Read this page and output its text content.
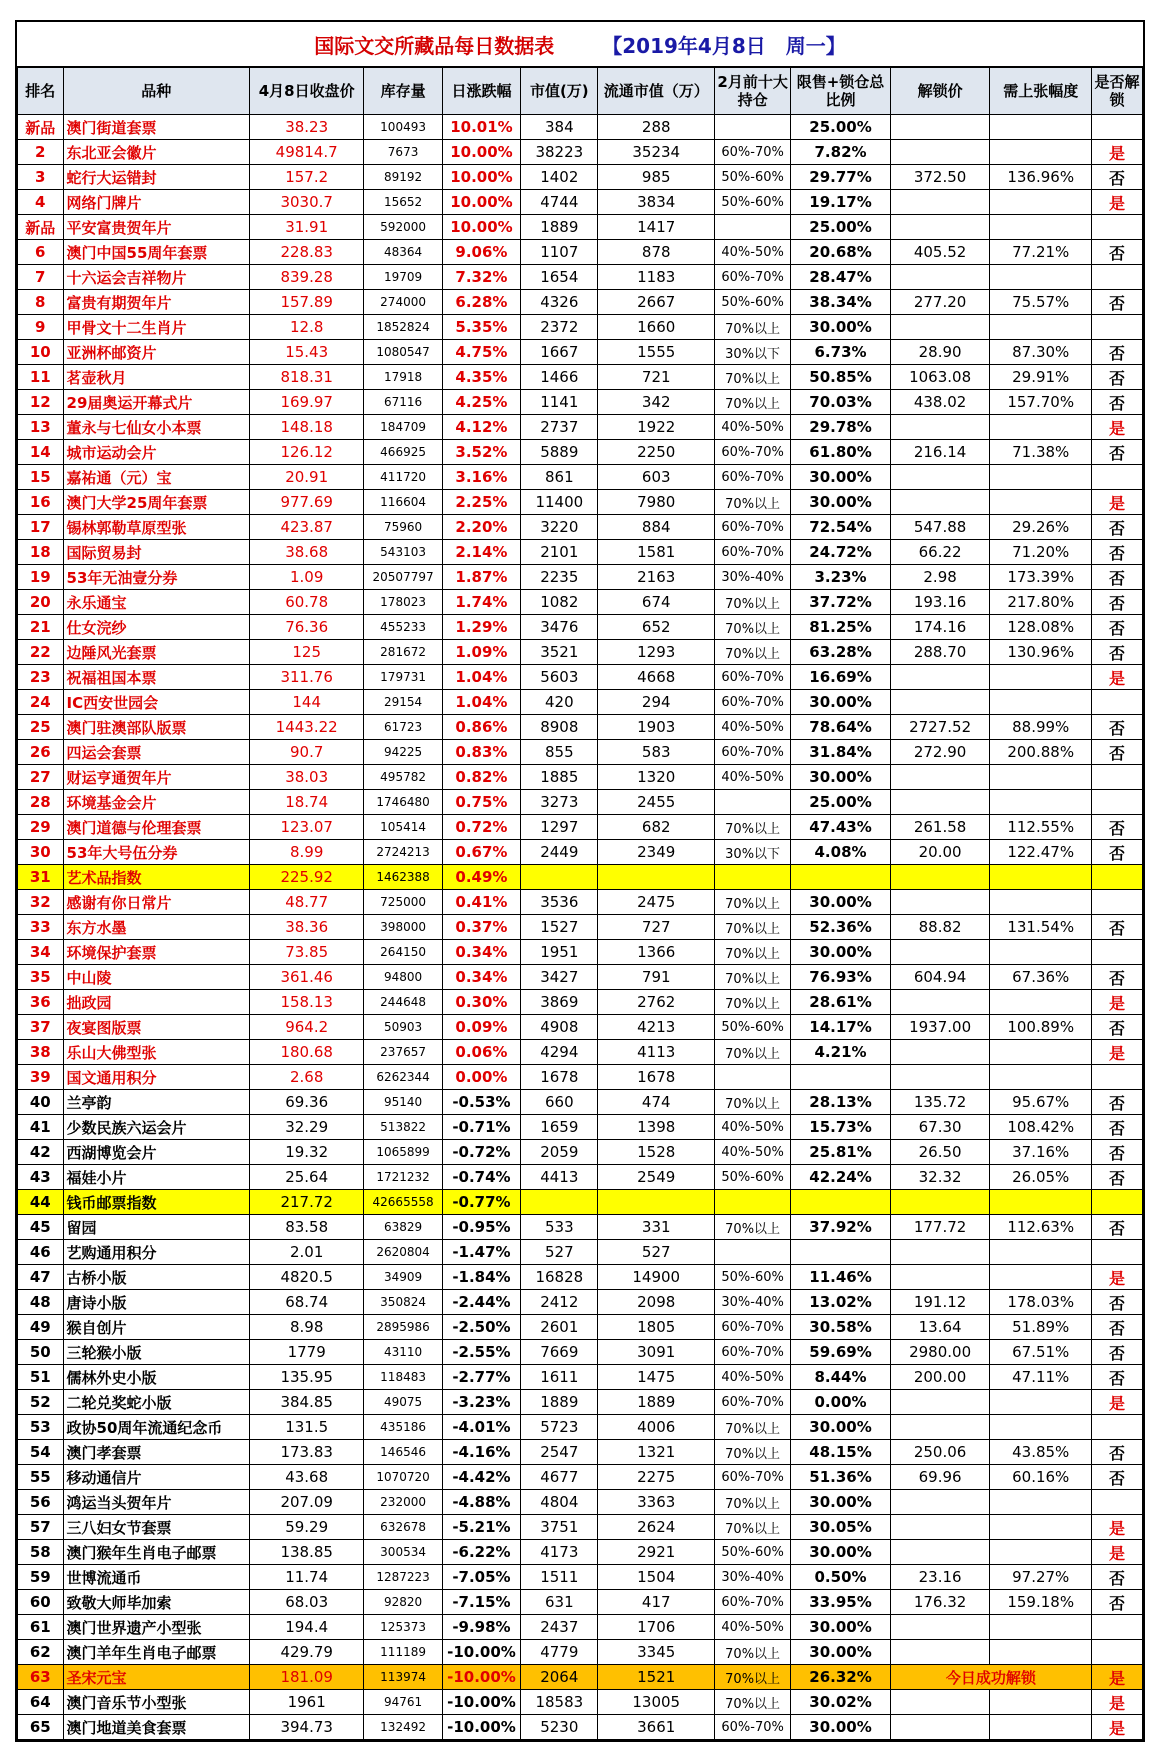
国际文交所藏品每日数据表 【2019年4月8日　周一】
排名	品种	4月8日收盘价	库存量	日涨跌幅	市值(万)	流通市值（万）	2月前十大持仓	限售+锁仓总比例	解锁价	需上张幅度	是否解锁
新品	澳门街道套票	38.23	100493	10.01%	384	288		25.00%			
2	东北亚会徽片	49814.7	7673	10.00%	38223	35234	60%-70%	7.82%			是
3	蛇行大运错封	157.2	89192	10.00%	1402	985	50%-60%	29.77%	372.50	136.96%	否
4	网络门牌片	3030.7	15652	10.00%	4744	3834	50%-60%	19.17%			是
新品	平安富贵贺年片	31.91	592000	10.00%	1889	1417		25.00%			
6	澳门中国55周年套票	228.83	48364	9.06%	1107	878	40%-50%	20.68%	405.52	77.21%	否
7	十六运会吉祥物片	839.28	19709	7.32%	1654	1183	60%-70%	28.47%			
8	富贵有期贺年片	157.89	274000	6.28%	4326	2667	50%-60%	38.34%	277.20	75.57%	否
9	甲骨文十二生肖片	12.8	1852824	5.35%	2372	1660	70%以上	30.00%			
10	亚洲杯邮资片	15.43	1080547	4.75%	1667	1555	30%以下	6.73%	28.90	87.30%	否
11	茗壶秋月	818.31	17918	4.35%	1466	721	70%以上	50.85%	1063.08	29.91%	否
12	29届奥运开幕式片	169.97	67116	4.25%	1141	342	70%以上	70.03%	438.02	157.70%	否
13	董永与七仙女小本票	148.18	184709	4.12%	2737	1922	40%-50%	29.78%			是
14	城市运动会片	126.12	466925	3.52%	5889	2250	60%-70%	61.80%	216.14	71.38%	否
15	嘉祐通（元）宝	20.91	411720	3.16%	861	603	60%-70%	30.00%			
16	澳门大学25周年套票	977.69	116604	2.25%	11400	7980	70%以上	30.00%			是
17	锡林郭勒草原型张	423.87	75960	2.20%	3220	884	60%-70%	72.54%	547.88	29.26%	否
18	国际贸易封	38.68	543103	2.14%	2101	1581	60%-70%	24.72%	66.22	71.20%	否
19	53年无油壹分券	1.09	20507797	1.87%	2235	2163	30%-40%	3.23%	2.98	173.39%	否
20	永乐通宝	60.78	178023	1.74%	1082	674	70%以上	37.72%	193.16	217.80%	否
21	仕女浣纱	76.36	455233	1.29%	3476	652	70%以上	81.25%	174.16	128.08%	否
22	边陲风光套票	125	281672	1.09%	3521	1293	70%以上	63.28%	288.70	130.96%	否
23	祝福祖国本票	311.76	179731	1.04%	5603	4668	60%-70%	16.69%			是
24	IC西安世园会	144	29154	1.04%	420	294	60%-70%	30.00%			
25	澳门驻澳部队版票	1443.22	61723	0.86%	8908	1903	40%-50%	78.64%	2727.52	88.99%	否
26	四运会套票	90.7	94225	0.83%	855	583	60%-70%	31.84%	272.90	200.88%	否
27	财运亨通贺年片	38.03	495782	0.82%	1885	1320	40%-50%	30.00%			
28	环境基金会片	18.74	1746480	0.75%	3273	2455		25.00%			
29	澳门道德与伦理套票	123.07	105414	0.72%	1297	682	70%以上	47.43%	261.58	112.55%	否
30	53年大号伍分券	8.99	2724213	0.67%	2449	2349	30%以下	4.08%	20.00	122.47%	否
31	艺术品指数	225.92	1462388	0.49%							
32	感谢有你日常片	48.77	725000	0.41%	3536	2475	70%以上	30.00%			
33	东方水墨	38.36	398000	0.37%	1527	727	70%以上	52.36%	88.82	131.54%	否
34	环境保护套票	73.85	264150	0.34%	1951	1366	70%以上	30.00%			
35	中山陵	361.46	94800	0.34%	3427	791	70%以上	76.93%	604.94	67.36%	否
36	拙政园	158.13	244648	0.30%	3869	2762	70%以上	28.61%			是
37	夜宴图版票	964.2	50903	0.09%	4908	4213	50%-60%	14.17%	1937.00	100.89%	否
38	乐山大佛型张	180.68	237657	0.06%	4294	4113	70%以上	4.21%			是
39	国文通用积分	2.68	6262344	0.00%	1678	1678					
40	兰亭韵	69.36	95140	-0.53%	660	474	70%以上	28.13%	135.72	95.67%	否
41	少数民族六运会片	32.29	513822	-0.71%	1659	1398	40%-50%	15.73%	67.30	108.42%	否
42	西湖博览会片	19.32	1065899	-0.72%	2059	1528	40%-50%	25.81%	26.50	37.16%	否
43	福娃小片	25.64	1721232	-0.74%	4413	2549	50%-60%	42.24%	32.32	26.05%	否
44	钱币邮票指数	217.72	42665558	-0.77%							
45	留园	83.58	63829	-0.95%	533	331	70%以上	37.92%	177.72	112.63%	否
46	艺购通用积分	2.01	2620804	-1.47%	527	527					
47	古桥小版	4820.5	34909	-1.84%	16828	14900	50%-60%	11.46%			是
48	唐诗小版	68.74	350824	-2.44%	2412	2098	30%-40%	13.02%	191.12	178.03%	否
49	猴自创片	8.98	2895986	-2.50%	2601	1805	60%-70%	30.58%	13.64	51.89%	否
50	三轮猴小版	1779	43110	-2.55%	7669	3091	60%-70%	59.69%	2980.00	67.51%	否
51	儒林外史小版	135.95	118483	-2.77%	1611	1475	40%-50%	8.44%	200.00	47.11%	否
52	二轮兑奖蛇小版	384.85	49075	-3.23%	1889	1889	60%-70%	0.00%			是
53	政协50周年流通纪念币	131.5	435186	-4.01%	5723	4006	70%以上	30.00%			
54	澳门孝套票	173.83	146546	-4.16%	2547	1321	70%以上	48.15%	250.06	43.85%	否
55	移动通信片	43.68	1070720	-4.42%	4677	2275	60%-70%	51.36%	69.96	60.16%	否
56	鸿运当头贺年片	207.09	232000	-4.88%	4804	3363	70%以上	30.00%			
57	三八妇女节套票	59.29	632678	-5.21%	3751	2624	70%以上	30.05%			是
58	澳门猴年生肖电子邮票	138.85	300534	-6.22%	4173	2921	50%-60%	30.00%			是
59	世博流通币	11.74	1287223	-7.05%	1511	1504	30%-40%	0.50%	23.16	97.27%	否
60	致敬大师毕加索	68.03	92820	-7.15%	631	417	60%-70%	33.95%	176.32	159.18%	否
61	澳门世界遗产小型张	194.4	125373	-9.98%	2437	1706	40%-50%	30.00%			
62	澳门羊年生肖电子邮票	429.79	111189	-10.00%	4779	3345	70%以上	30.00%			
63	圣宋元宝	181.09	113974	-10.00%	2064	1521	70%以上	26.32%	今日成功解锁		是
64	澳门音乐节小型张	1961	94761	-10.00%	18583	13005	70%以上	30.02%			是
65	澳门地道美食套票	394.73	132492	-10.00%	5230	3661	60%-70%	30.00%			是
